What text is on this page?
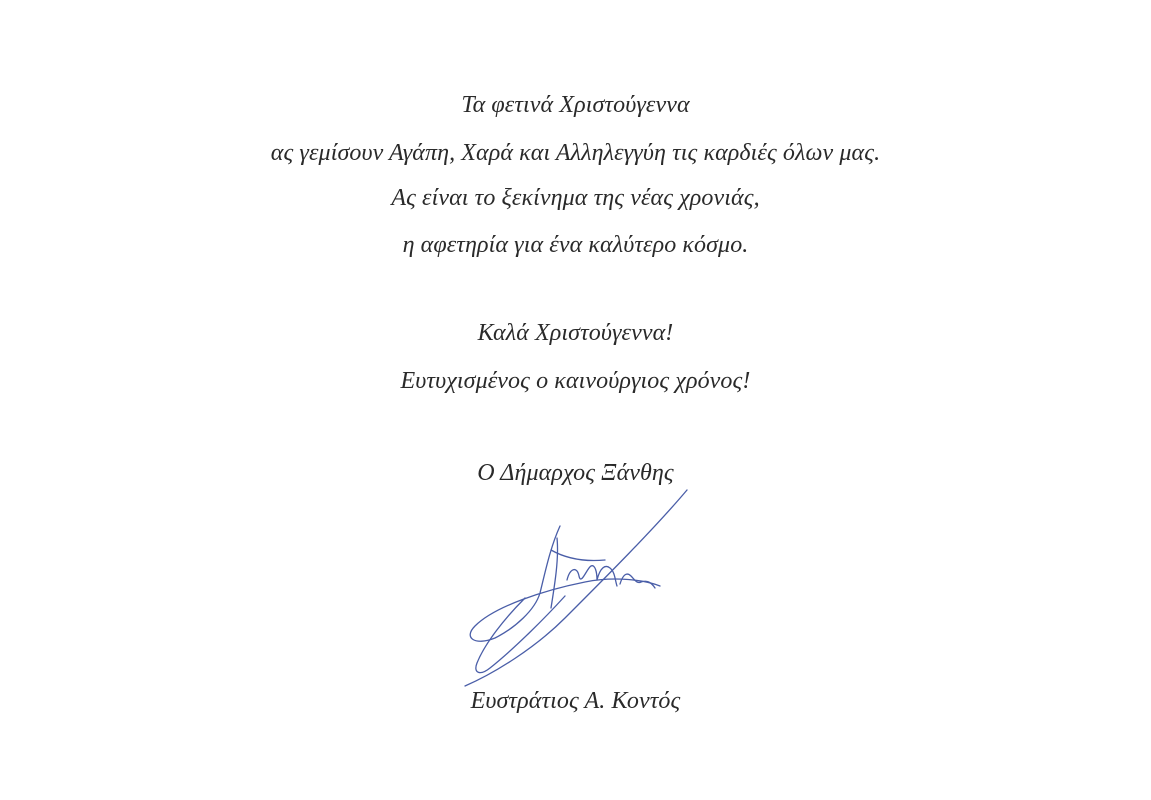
Τα φετινά Χριστούγεννα
ας γεμίσουν Αγάπη, Χαρά και Αλληλεγγύη τις καρδιές όλων μας.
Ας είναι το ξεκίνημα της νέας χρονιάς,
η αφετηρία για ένα καλύτερο κόσμο.
Καλά Χριστούγεννα!
Ευτυχισμένος ο καινούργιος χρόνος!
Ο Δήμαρχος Ξάνθης
Ευστράτιος Α. Κοντός
